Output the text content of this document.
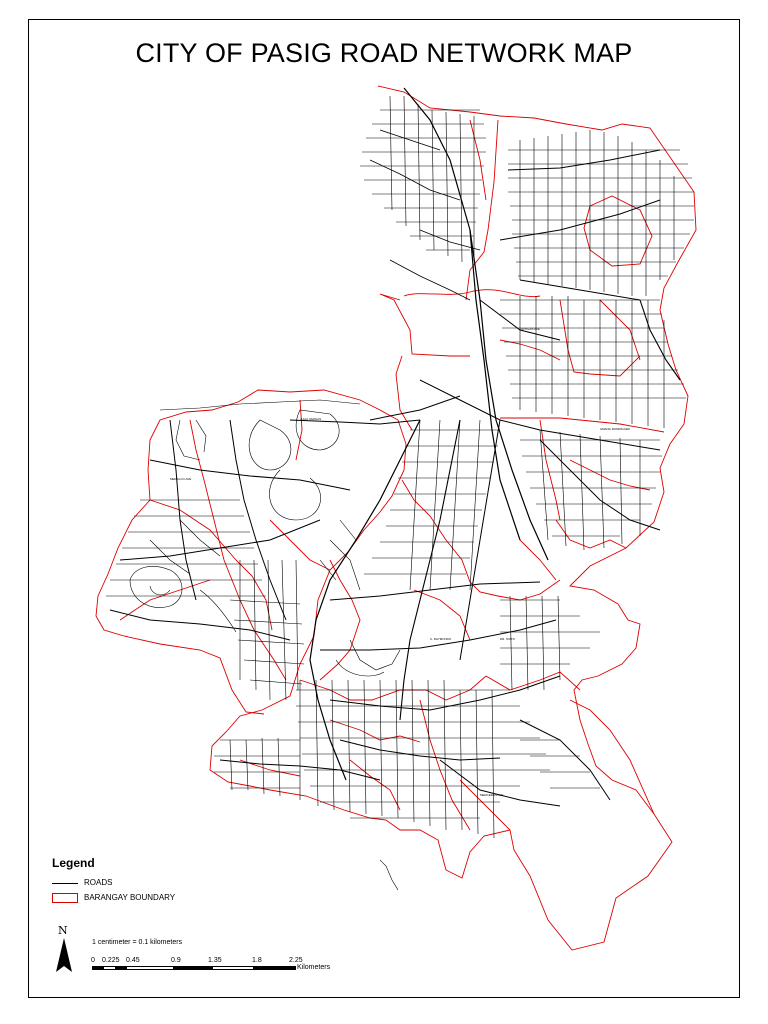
CITY OF PASIG ROAD NETWORK MAP
ORTIGAS AVE
C. RAYMUNDO	DR. SIXTO
MERALCO AVE
AMANG RODRIGUEZ
JULIA VARGAS
MERCEDES AVE
Legend
ROADS
BARANGAY BOUNDARY
N
1 centimeter = 0.1 kilometers
0 0.225 0.45	0.9	1.35	1.8	2.25
Kilometers
